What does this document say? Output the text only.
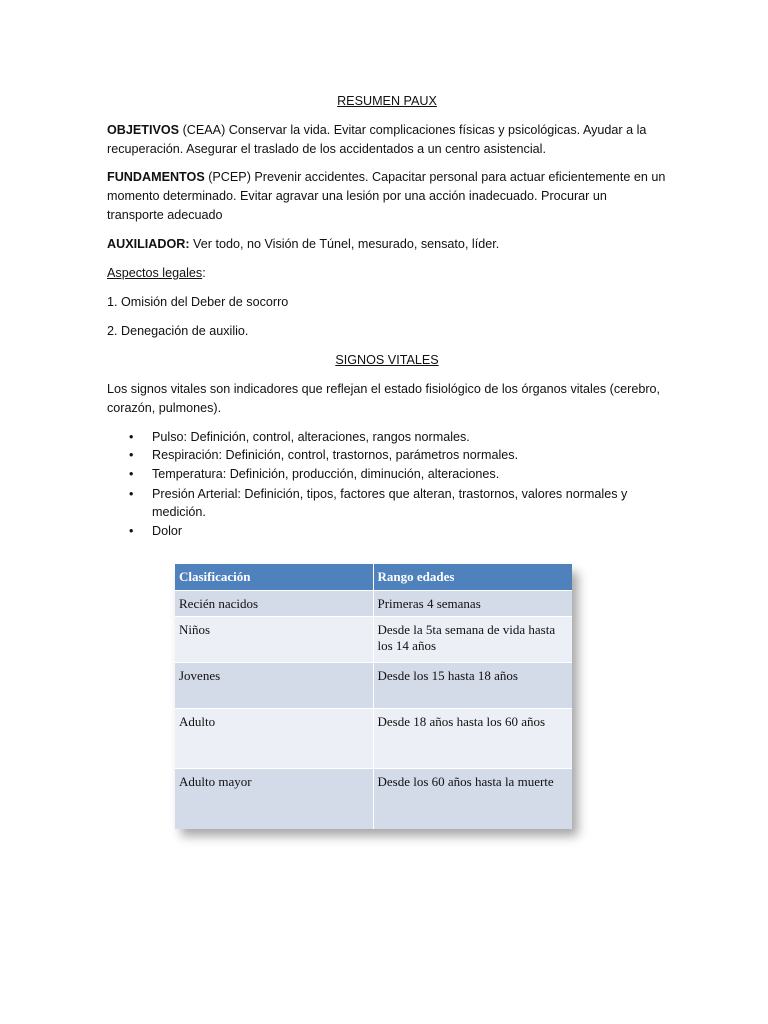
RESUMEN PAUX
OBJETIVOS (CEAA) Conservar la vida. Evitar complicaciones físicas y psicológicas. Ayudar a la
recuperación. Asegurar el traslado de los accidentados a un centro asistencial.
FUNDAMENTOS (PCEP) Prevenir accidentes. Capacitar personal para actuar eficientemente en un
momento determinado. Evitar agravar una lesión por una acción inadecuado. Procurar un
transporte adecuado
AUXILIADOR: Ver todo, no Visión de Túnel, mesurado, sensato, líder.
Aspectos legales:
1. Omisión del Deber de socorro
2. Denegación de auxilio.
SIGNOS VITALES
Los signos vitales son indicadores que reflejan el estado fisiológico de los órganos vitales (cerebro,
corazón, pulmones).
• Pulso: Definición, control, alteraciones, rangos normales.
• Respiración: Definición, control, trastornos, parámetros normales.
• Temperatura: Definición, producción, diminución, alteraciones.
• Presión Arterial: Definición, tipos, factores que alteran, trastornos, valores normales y
medición.
• Dolor
Clasificación	Rango edades
Recién nacidos	Primeras 4 semanas
Niños	Desde la 5ta semana de vida hasta los 14 años
Jovenes	Desde los 15 hasta 18 años
Adulto	Desde 18 años hasta los 60 años
Adulto mayor	Desde los 60 años hasta la muerte
